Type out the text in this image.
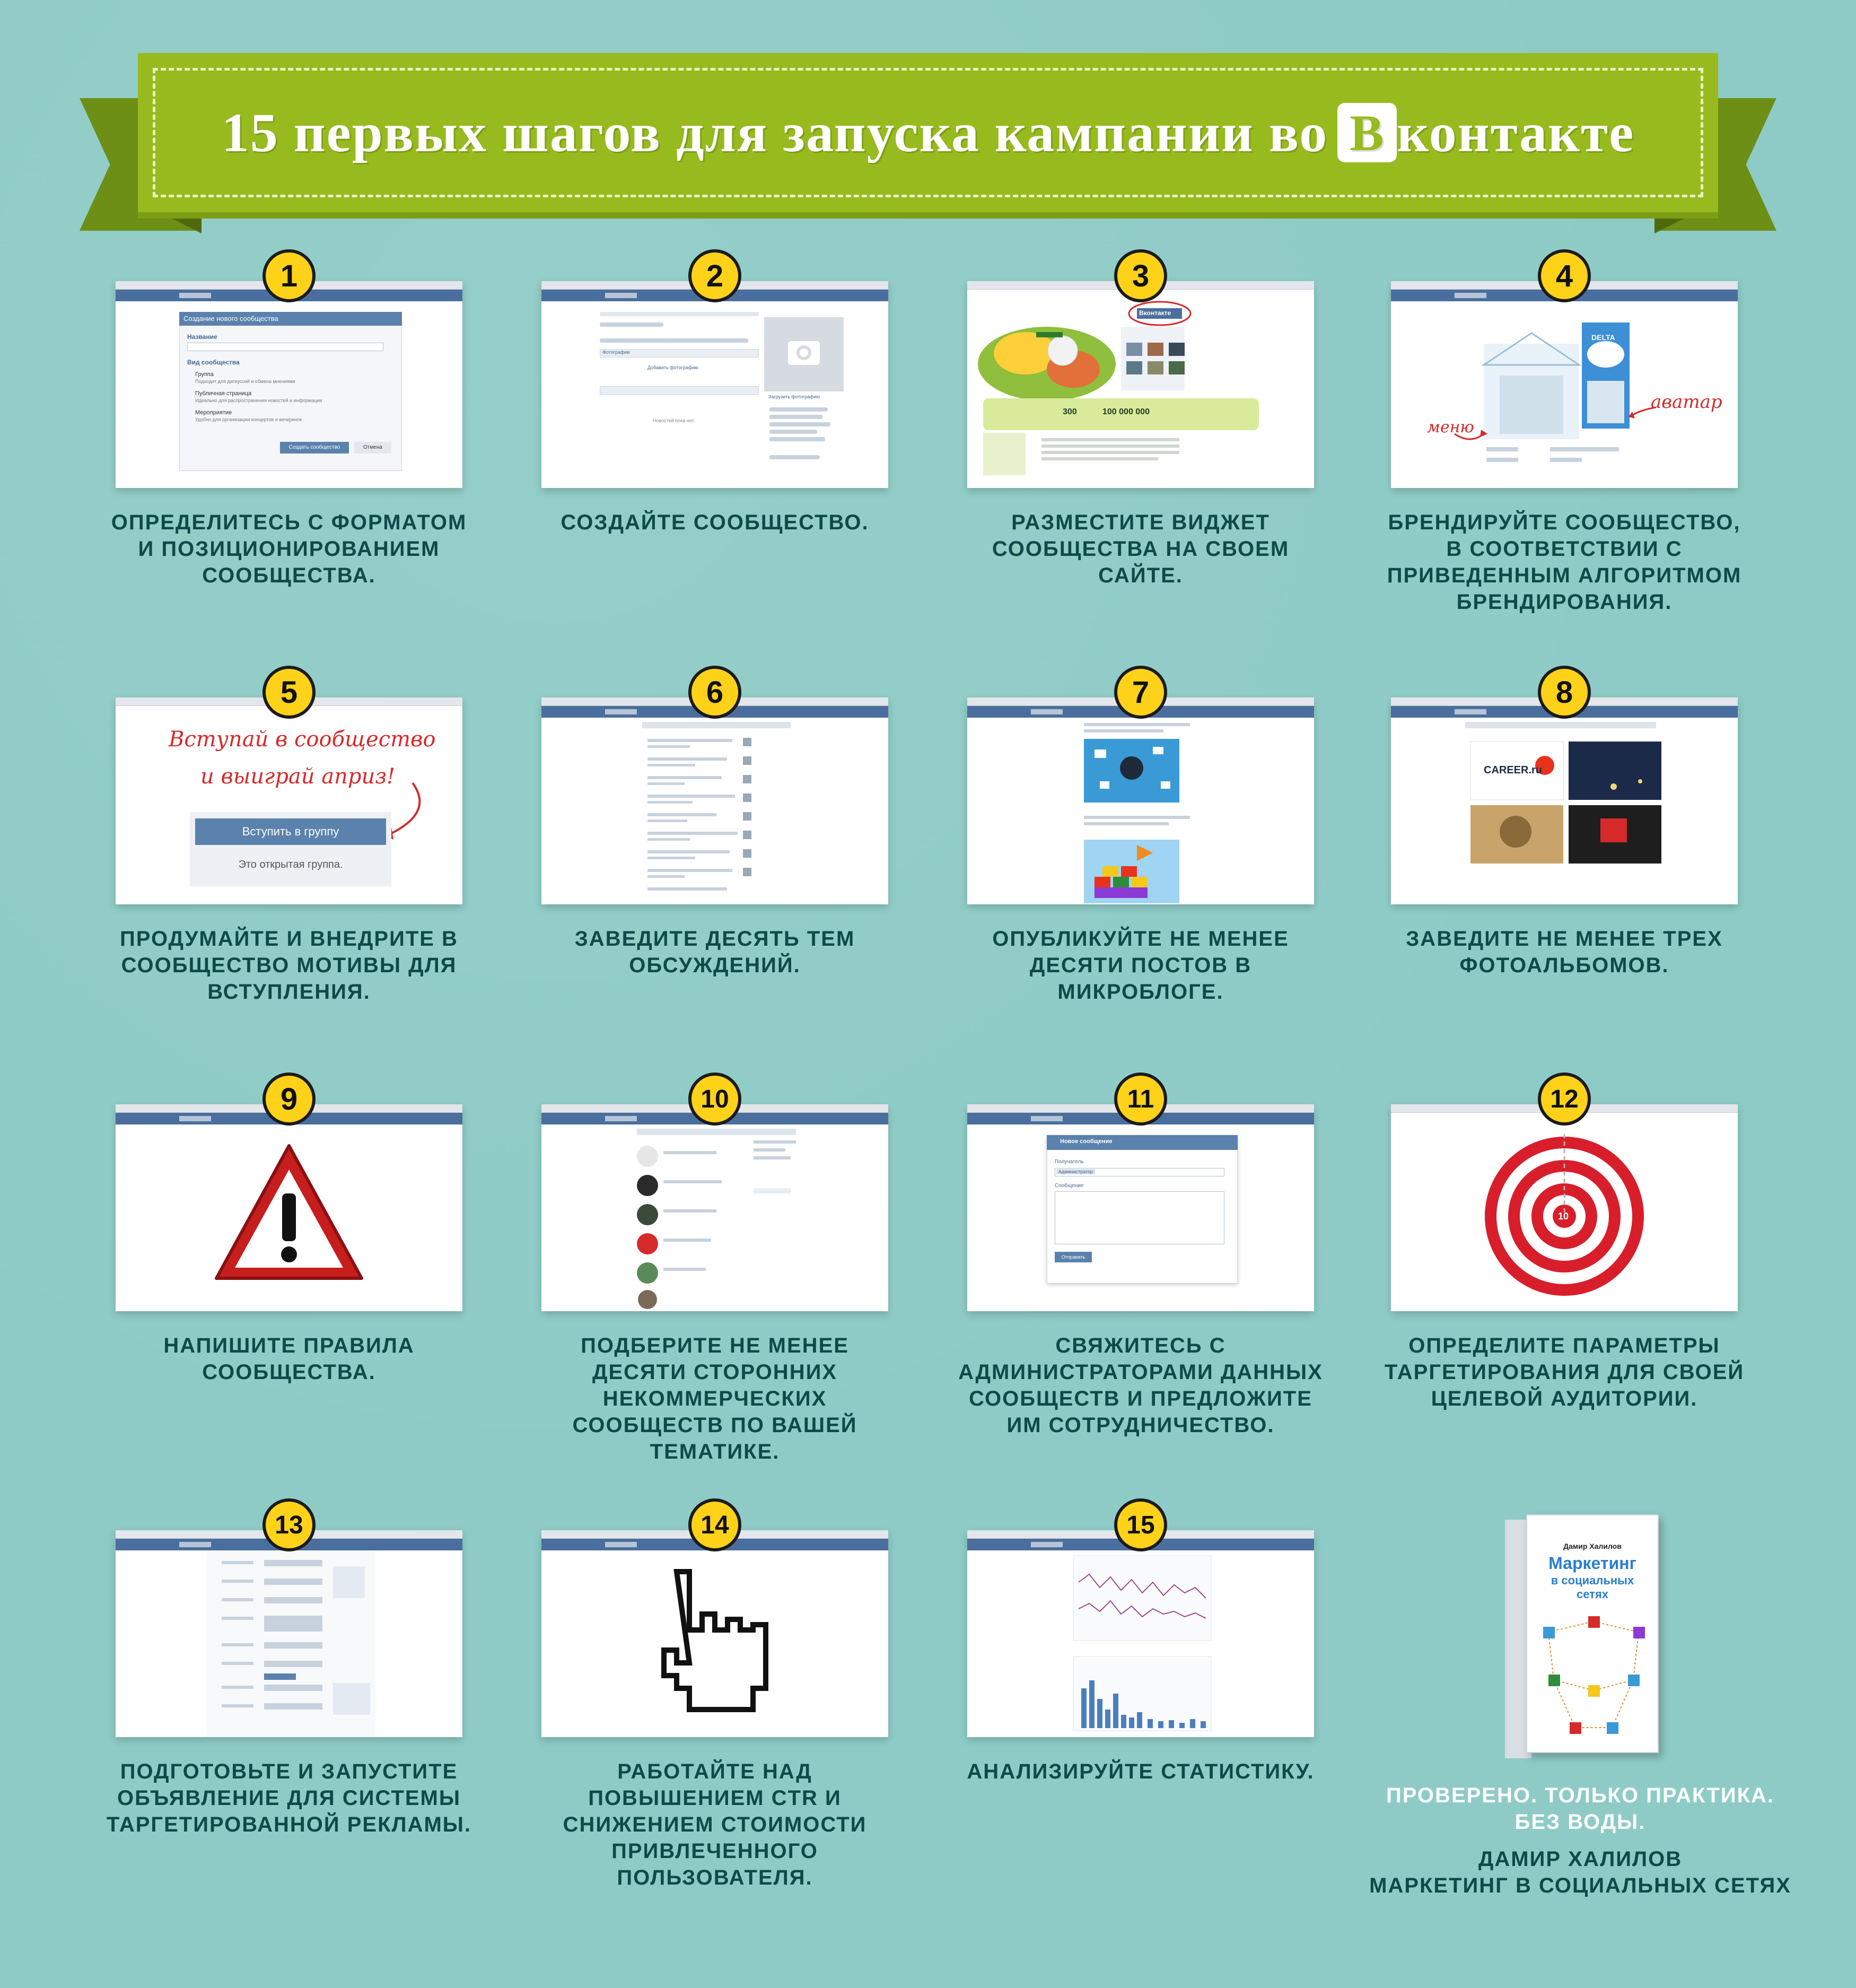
15 первых шагов для запуска кампании во В контакте
Создание нового сообщества
Название
Вид сообщества
Группа
Подходит для дискуссий и обмена мнениями
Публичная страница
Идеально для распространения новостей и информации
Мероприятие
Удобно для организации концертов и вечеринок
Создать сообщество	Отмена
1
ОПРЕДЕЛИТЕСЬ С ФОРМАТОМ И ПОЗИЦИОНИРОВАНИЕМ СООБЩЕСТВА.
Фотографии
Добавить фотографию
Новостей пока нет.
Загрузить фотографию
2
СОЗДАЙТЕ СООБЩЕСТВО.
Вконтакте
300	100 000 000
3
РАЗМЕСТИТЕ ВИДЖЕТ СООБЩЕСТВА НА СВОЕМ САЙТЕ.
меню
аватар
DELTA
4
БРЕНДИРУЙТЕ СООБЩЕСТВО, В СООТВЕТСТВИИ С ПРИВЕДЕННЫМ АЛГОРИТМОМ БРЕНДИРОВАНИЯ.
Вступай в сообщество
и выиграй априз!
Вступить в группу
Это открытая группа.
5
ПРОДУМАЙТЕ И ВНЕДРИТЕ В СООБЩЕСТВО МОТИВЫ ДЛЯ ВСТУПЛЕНИЯ.
6
ЗАВЕДИТЕ ДЕСЯТЬ ТЕМ ОБСУЖДЕНИЙ.
7
ОПУБЛИКУЙТЕ НЕ МЕНЕЕ ДЕСЯТИ ПОСТОВ В МИКРОБЛОГЕ.
CAREER.ru
8
ЗАВЕДИТЕ НЕ МЕНЕЕ ТРЕХ ФОТОАЛЬБОМОВ.
9
НАПИШИТЕ ПРАВИЛА СООБЩЕСТВА.
10
ПОДБЕРИТЕ НЕ МЕНЕЕ ДЕСЯТИ СТОРОННИХ НЕКОММЕРЧЕСКИХ СООБЩЕСТВ ПО ВАШЕЙ ТЕМАТИКЕ.
Новое сообщение
Получатель
Администратор
Сообщение
Отправить
11
СВЯЖИТЕСЬ С АДМИНИСТРАТОРАМИ ДАННЫХ СООБЩЕСТВ И ПРЕДЛОЖИТЕ ИМ СОТРУДНИЧЕСТВО.
10
12
ОПРЕДЕЛИТЕ ПАРАМЕТРЫ ТАРГЕТИРОВАНИЯ ДЛЯ СВОЕЙ ЦЕЛЕВОЙ АУДИТОРИИ.
13
ПОДГОТОВЬТЕ И ЗАПУСТИТЕ ОБЪЯВЛЕНИЕ ДЛЯ СИСТЕМЫ ТАРГЕТИРОВАННОЙ РЕКЛАМЫ.
14
РАБОТАЙТЕ НАД ПОВЫШЕНИЕМ CTR И СНИЖЕНИЕМ СТОИМОСТИ ПРИВЛЕЧЕННОГО ПОЛЬЗОВАТЕЛЯ.
15
АНАЛИЗИРУЙТЕ СТАТИСТИКУ.
Дамир Халилов
Маркетинг
в социальных
сетях
ПРОВЕРЕНО. ТОЛЬКО ПРАКТИКА.
БЕЗ ВОДЫ.
ДАМИР ХАЛИЛОВ
МАРКЕТИНГ В СОЦИАЛЬНЫХ СЕТЯХ
